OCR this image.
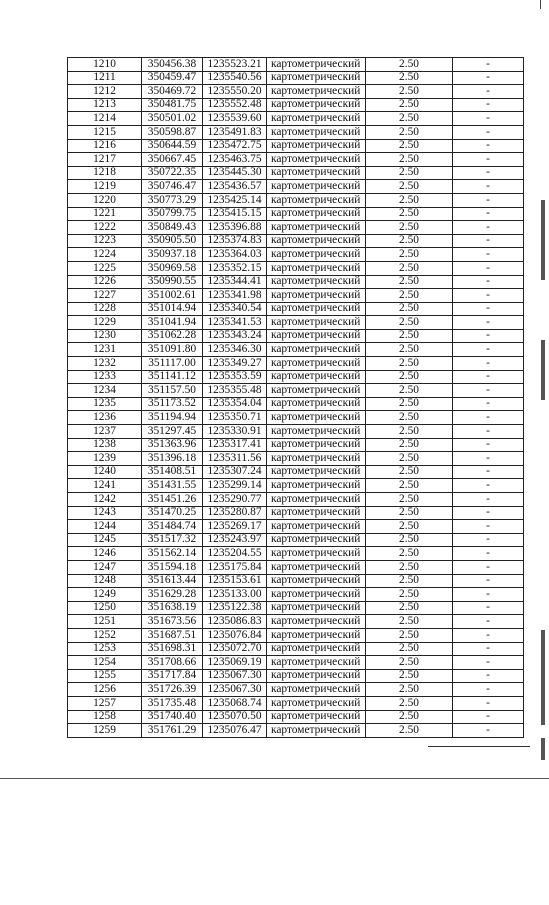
1210	350456.38	1235523.21	картометрический	2.50	-
1211	350459.47	1235540.56	картометрический	2.50	-
1212	350469.72	1235550.20	картометрический	2.50	-
1213	350481.75	1235552.48	картометрический	2.50	-
1214	350501.02	1235539.60	картометрический	2.50	-
1215	350598.87	1235491.83	картометрический	2.50	-
1216	350644.59	1235472.75	картометрический	2.50	-
1217	350667.45	1235463.75	картометрический	2.50	-
1218	350722.35	1235445.30	картометрический	2.50	-
1219	350746.47	1235436.57	картометрический	2.50	-
1220	350773.29	1235425.14	картометрический	2.50	-
1221	350799.75	1235415.15	картометрический	2.50	-
1222	350849.43	1235396.88	картометрический	2.50	-
1223	350905.50	1235374.83	картометрический	2.50	-
1224	350937.18	1235364.03	картометрический	2.50	-
1225	350969.58	1235352.15	картометрический	2.50	-
1226	350990.55	1235344.41	картометрический	2.50	-
1227	351002.61	1235341.98	картометрический	2.50	-
1228	351014.94	1235340.54	картометрический	2.50	-
1229	351041.94	1235341.53	картометрический	2.50	-
1230	351062.28	1235343.24	картометрический	2.50	-
1231	351091.80	1235346.30	картометрический	2.50	-
1232	351117.00	1235349.27	картометрический	2.50	-
1233	351141.12	1235353.59	картометрический	2.50	-
1234	351157.50	1235355.48	картометрический	2.50	-
1235	351173.52	1235354.04	картометрический	2.50	-
1236	351194.94	1235350.71	картометрический	2.50	-
1237	351297.45	1235330.91	картометрический	2.50	-
1238	351363.96	1235317.41	картометрический	2.50	-
1239	351396.18	1235311.56	картометрический	2.50	-
1240	351408.51	1235307.24	картометрический	2.50	-
1241	351431.55	1235299.14	картометрический	2.50	-
1242	351451.26	1235290.77	картометрический	2.50	-
1243	351470.25	1235280.87	картометрический	2.50	-
1244	351484.74	1235269.17	картометрический	2.50	-
1245	351517.32	1235243.97	картометрический	2.50	-
1246	351562.14	1235204.55	картометрический	2.50	-
1247	351594.18	1235175.84	картометрический	2.50	-
1248	351613.44	1235153.61	картометрический	2.50	-
1249	351629.28	1235133.00	картометрический	2.50	-
1250	351638.19	1235122.38	картометрический	2.50	-
1251	351673.56	1235086.83	картометрический	2.50	-
1252	351687.51	1235076.84	картометрический	2.50	-
1253	351698.31	1235072.70	картометрический	2.50	-
1254	351708.66	1235069.19	картометрический	2.50	-
1255	351717.84	1235067.30	картометрический	2.50	-
1256	351726.39	1235067.30	картометрический	2.50	-
1257	351735.48	1235068.74	картометрический	2.50	-
1258	351740.40	1235070.50	картометрический	2.50	-
1259	351761.29	1235076.47	картометрический	2.50	-
